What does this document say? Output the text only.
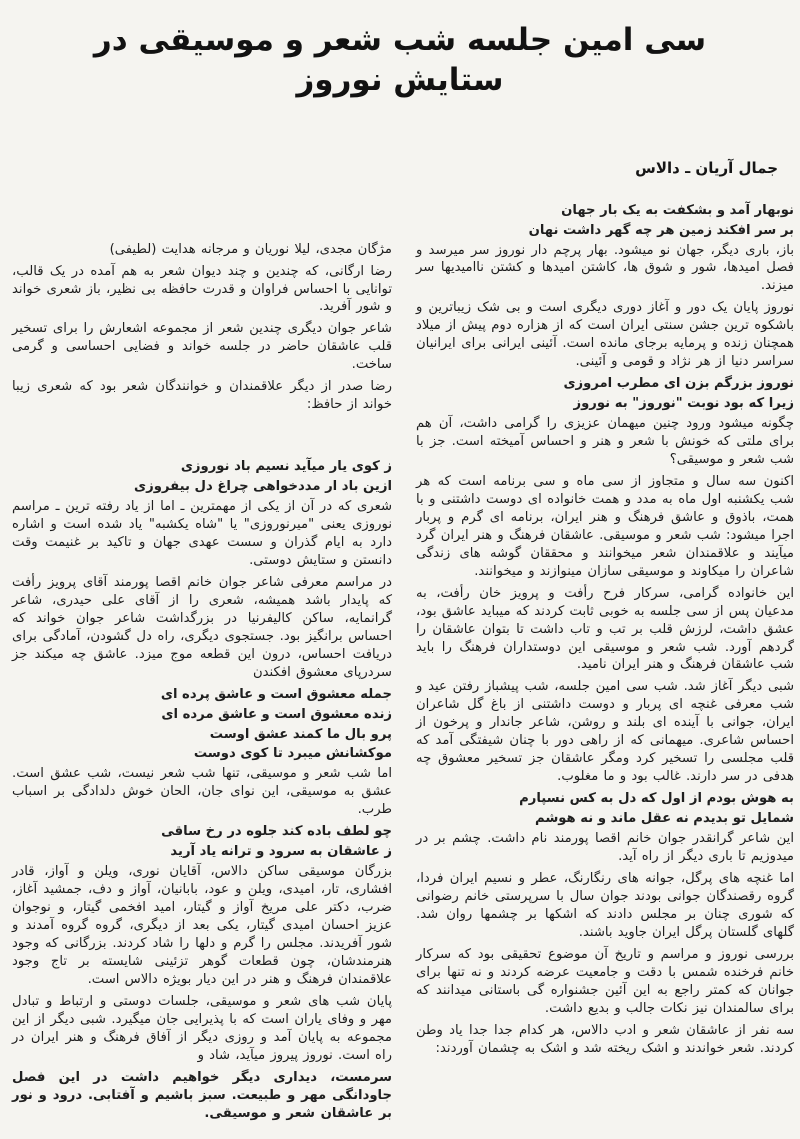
سی امین جلسه شب شعر و موسیقی در ستایش نوروز
جمال آریان ـ دالاس

نوبهار آمد و بشکفت به یک بار جهان

بر سر افکند زمین هر چه گهر داشت نهان

باز، باری دیگر، جهان نو میشود. بهار پرچم دار نوروز سر میرسد و فصل امیدها، شور و شوق ها، کاشتن امیدها و کشتن ناامیدیها سر میزند.

نوروز پایان یک دور و آغاز دوری دیگری است و بی شک زیباترین و باشکوه ترین جشن سنتی ایران است که از هزاره دوم پیش از میلاد همچنان زنده و پرمایه برجای مانده است. آئینی ایرانی برای ایرانیان سراسر دنیا از هر نژاد و قومی و آئینی.

نوروز بزرگم بزن ای مطرب امروزی

زیرا که بود نوبت "نوروز" به نوروز

چگونه میشود ورود چنین میهمان عزیزی را گرامی داشت، آن هم برای ملتی که خونش با شعر و هنر و احساس آمیخته است. جز با شب شعر و موسیقی؟

اکنون سه سال و متجاوز از سی ماه و سی برنامه است که هر شب یکشنبه اول ماه به مدد و همت خانواده ای دوست داشتنی و با همت، باذوق و عاشق فرهنگ و هنر ایران، برنامه ای گرم و پربار اجرا میشود: شب شعر و موسیقی. عاشقان فرهنگ و هنر ایران گرد میآیند و علاقمندان شعر میخوانند و محققان گوشه های زندگی شاعران را میکاوند و موسیقی سازان مینوازند و میخوانند.

این خانواده گرامی، سرکار فرح رأفت و پرویز خان رأفت، به مدعیان پس از سی جلسه به خوبی ثابت کردند که میباید عاشق بود، عشق داشت، لرزش قلب بر تب و تاب داشت تا بتوان عاشقان را گردهم آورد. شب شعر و موسیقی این دوستداران فرهنگ را باید شب عاشقان فرهنگ و هنر ایران نامید.

شبی دیگر آغاز شد. شب سی امین جلسه، شب پیشباز رفتن عید و شب معرفی غنچه ای پربار و دوست داشتنی از باغ گل شاعران ایران، جوانی با آینده ای بلند و روشن، شاعر جاندار و پرخون از احساس شاعری. میهمانی که از راهی دور با چنان شیفتگی آمد که قلب مجلسی را تسخیر کرد ومگر عاشقان جز تسخیر معشوق چه هدفی در سر دارند. غالب بود و ما مغلوب.

به هوش بودم از اول که دل به کس نسپارم

شمایل تو بدیدم نه عقل ماند و نه هوشم

این شاعر گرانقدر جوان خانم اقصا پورمند نام داشت. چشم بر در میدوزیم تا باری دیگر از راه آید.

اما غنچه های پرگل، جوانه های رنگارنگ، عطر و نسیم ایران فردا، گروه رقصندگان جوانی بودند جوان سال با سرپرستی خانم رضوانی که شوری چنان بر مجلس دادند که اشکها بر چشمها روان شد. گلهای گلستان پرگل ایران جاوید باشند.

بررسی نوروز و مراسم و تاریخ آن موضوع تحقیقی بود که سرکار خانم فرخنده شمس با دقت و جامعیت عرضه کردند و نه تنها برای جوانان که کمتر راجع به این آئین جشنواره گی باستانی میدانند که برای سالمندان نیز نکات جالب و بدیع داشت.

سه نفر از عاشقان شعر و ادب دالاس، هر کدام جدا جدا یاد وطن کردند. شعر خواندند و اشک ریخته شد و اشک به چشمان آوردند:

مژگان مجدی، لیلا نوریان و مرجانه هدایت (لطیفی)

رضا ارگانی، که چندین و چند دیوان شعر به هم آمده در یک قالب، توانایی با احساس فراوان و قدرت حافظه بی نظیر، باز شعری خواند و شور آفرید.

شاعر جوان دیگری چندین شعر از مجموعه اشعارش را برای تسخیر قلب عاشقان حاضر در جلسه خواند و فضایی احساسی و گرمی ساخت.

رضا صدر از دیگر علاقمندان و خوانندگان شعر بود که شعری زیبا خواند از حافظ:

ز کوی یار میآید نسیم باد نوروزی

ازین باد ار مددخواهی چراغ دل بیفروزی

شعری که در آن از یکی از مهمترین ـ اما از یاد رفته ترین ـ مراسم نوروزی یعنی "میرنوروزی" یا "شاه یکشبه" یاد شده است و اشاره دارد به ایام گذران و سست عهدی جهان و تاکید بر غنیمت وقت دانستن و ستایش دوستی.

در مراسم معرفی شاعر جوان خانم اقصا پورمند آقای پرویز رأفت که پایدار باشد همیشه، شعری را از آقای علی حیدری، شاعر گرانمایه، ساکن کالیفرنیا در بزرگداشت شاعر جوان خواند که احساس برانگیز بود. جستجوی دیگری، راه دل گشودن، آمادگی برای دریافت احساس، درون این قطعه موج میزد. عاشق چه میکند جز سردرپای معشوق افکندن

جمله معشوق است و عاشق پرده ای

زنده معشوق است و عاشق مرده ای

پرو بال ما کمند عشق اوست

موکشانش میبرد تا کوی دوست

اما شب شعر و موسیقی، تنها شب شعر نیست، شب عشق است. عشق به موسیقی، این نوای جان، الحان خوش دلدادگی بر اسباب طرب.

چو لطف باده کند جلوه در رخ ساقی

ز عاشقان به سرود و ترانه یاد آرید

بزرگان موسیقی ساکن دالاس، آقایان نوری، ویلن و آواز، قادر افشاری، تار، امیدی، ویلن و عود، بابانیان، آواز و دف، جمشید آغاز، ضرب، دکتر علی مریخ آواز و گیتار، امید افخمی گیتار، و نوجوان عزیز احسان امیدی گیتار، یکی بعد از دیگری، گروه گروه آمدند و شور آفریدند. مجلس را گرم و دلها را شاد کردند. بزرگانی که وجود هنرمندشان، چون قطعات گوهر تزئینی شایسته بر تاج وجود علاقمندان فرهنگ و هنر در این دیار بویژه دالاس است.

پایان شب های شعر و موسیقی، جلسات دوستی و ارتباط و تبادل مهر و وفای یاران است که با پذیرایی جان میگیرد. شبی دیگر از این مجموعه به پایان آمد و روزی دیگر از آفاق فرهنگ و هنر ایران در راه است. نوروز پیروز میآید، شاد و

سرمست، دیداری دیگر خواهیم داشت در این فصل جاودانگی مهر و طبیعت. سبز باشیم و آفتابی. درود و نور بر عاشقان شعر و موسیقی.
